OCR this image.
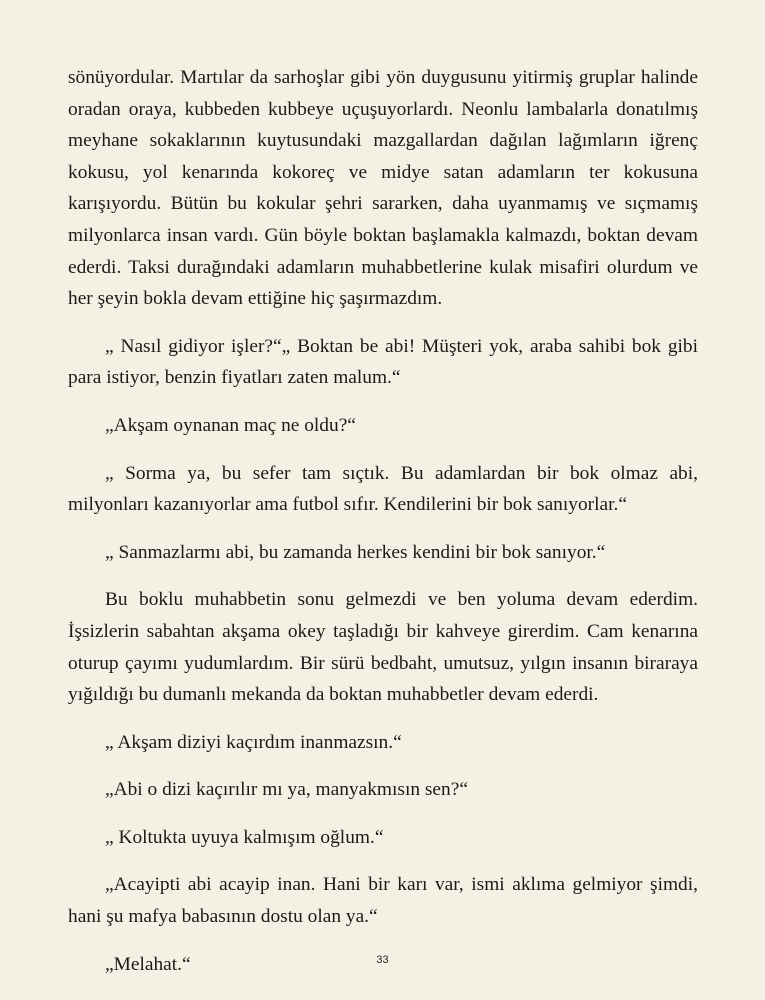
sönüyordular. Martılar da sarhoşlar gibi yön duygusunu yitirmiş gruplar halinde oradan oraya, kubbeden kubbeye uçuşuyorlardı. Neonlu lambalarla donatılmış meyhane sokaklarının kuytusundaki mazgallardan dağılan lağımların iğrenç kokusu, yol kenarında kokoreç ve midye satan adamların ter kokusuna karışıyordu. Bütün bu kokular şehri sararken, daha uyanmamış ve sıçmamış milyonlarca insan vardı. Gün böyle boktan başlamakla kalmazdı, boktan devam ederdi. Taksi durağındaki adamların muhabbetlerine kulak misafiri olurdum ve her şeyin bokla devam ettiğine hiç şaşırmazdım.

„ Nasıl gidiyor işler?“„ Boktan be abi! Müşteri yok, araba sahibi bok gibi para istiyor, benzin fiyatları zaten malum.“

„Akşam oynanan maç ne oldu?“

„ Sorma ya, bu sefer tam sıçtık. Bu adamlardan bir bok olmaz abi, milyonları kazanıyorlar ama futbol sıfır. Kendilerini bir bok sanıyorlar.“

„ Sanmazlarmı abi, bu zamanda herkes kendini bir bok sanıyor.“

Bu boklu muhabbetin sonu gelmezdi ve ben yoluma devam ederdim. İşsizlerin sabahtan akşama okey taşladığı bir kahveye girerdim. Cam kenarına oturup çayımı yudumlardım. Bir sürü bedbaht, umutsuz, yılgın insanın biraraya yığıldığı bu dumanlı mekanda da boktan muhabbetler devam ederdi.

„ Akşam diziyi kaçırdım inanmazsın.“

„Abi o dizi kaçırılır mı ya, manyakmısın sen?“

„ Koltukta uyuya kalmışım oğlum.“

„Acayipti abi acayip inan. Hani bir karı var, ismi aklıma gelmiyor şimdi, hani şu mafya babasının dostu olan ya.“

„Melahat.“	33
